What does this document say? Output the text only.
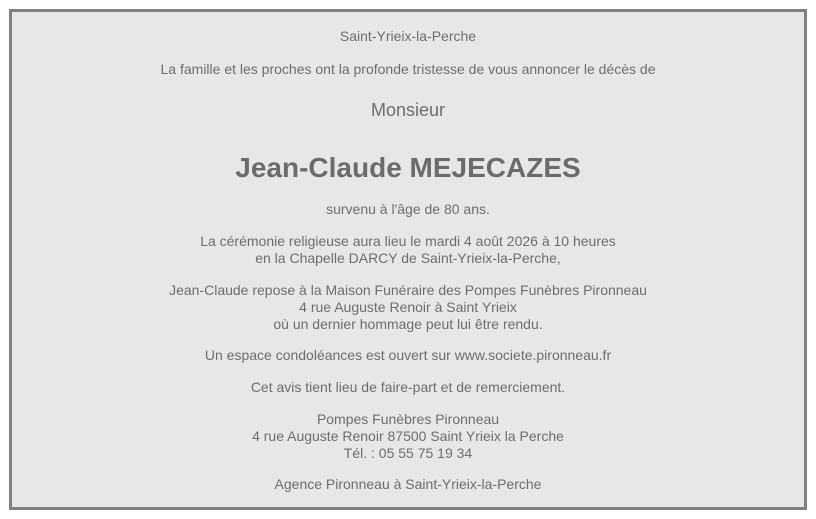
Saint-Yrieix-la-Perche
La famille et les proches ont la profonde tristesse de vous annoncer le décès de
Monsieur
Jean-Claude MEJECAZES
survenu à l'âge de 80 ans.
La cérémonie religieuse aura lieu le mardi 4 août 2026 à 10 heures
en la Chapelle DARCY de Saint-Yrieix-la-Perche,
Jean-Claude repose à la Maison Funéraire des Pompes Funèbres Pironneau
4 rue Auguste Renoir à Saint Yrieix
où un dernier hommage peut lui être rendu.
Un espace condoléances est ouvert sur www.societe.pironneau.fr
Cet avis tient lieu de faire-part et de remerciement.
Pompes Funèbres Pironneau
4 rue Auguste Renoir 87500 Saint Yrieix la Perche
Tél. : 05 55 75 19 34
Agence Pironneau à Saint-Yrieix-la-Perche
